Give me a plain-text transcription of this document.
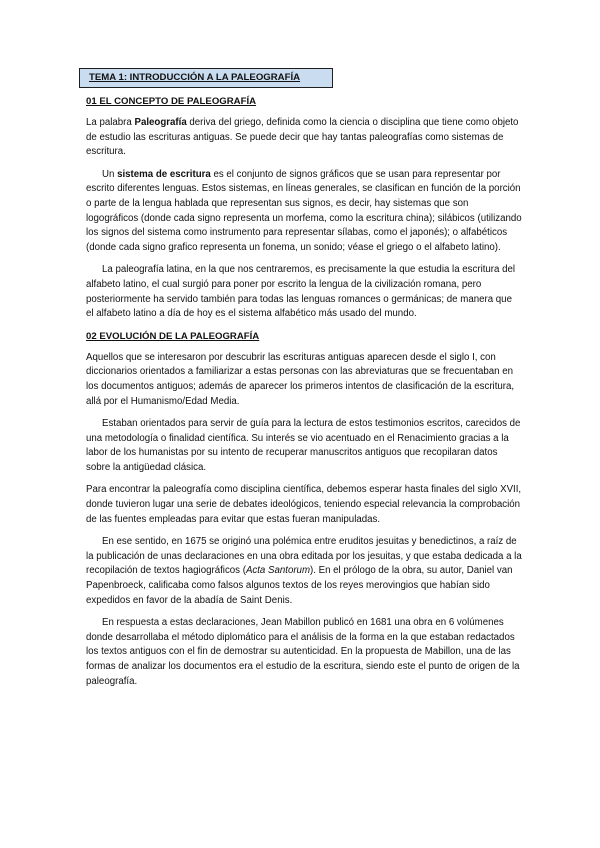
TEMA 1: INTRODUCCIÓN A LA PALEOGRAFÍA
01 EL CONCEPTO DE PALEOGRAFÍA

La palabra Paleografía deriva del griego, definida como la ciencia o disciplina que tiene como objeto de estudio las escrituras antiguas. Se puede decir que hay tantas paleografías como sistemas de escritura.

Un sistema de escritura es el conjunto de signos gráficos que se usan para representar por escrito diferentes lenguas. Estos sistemas, en líneas generales, se clasifican en función de la porción o parte de la lengua hablada que representan sus signos, es decir, hay sistemas que son logográficos (donde cada signo representa un morfema, como la escritura china); silábicos (utilizando los signos del sistema como instrumento para representar sílabas, como el japonés); o alfabéticos (donde cada signo grafico representa un fonema, un sonido; véase el griego o el alfabeto latino).

La paleografía latina, en la que nos centraremos, es precisamente la que estudia la escritura del alfabeto latino, el cual surgió para poner por escrito la lengua de la civilización romana, pero posteriormente ha servido también para todas las lenguas romances o germánicas; de manera que el alfabeto latino a día de hoy es el sistema alfabético más usado del mundo.

02 EVOLUCIÓN DE LA PALEOGRAFÍA

Aquellos que se interesaron por descubrir las escrituras antiguas aparecen desde el siglo I, con diccionarios orientados a familiarizar a estas personas con las abreviaturas que se frecuentaban en los documentos antiguos; además de aparecer los primeros intentos de clasificación de la escritura, allá por el Humanismo/Edad Media.

Estaban orientados para servir de guía para la lectura de estos testimonios escritos, carecidos de una metodología o finalidad científica. Su interés se vio acentuado en el Renacimiento gracias a la labor de los humanistas por su intento de recuperar manuscritos antiguos que recopilaran datos sobre la antigüedad clásica.

Para encontrar la paleografía como disciplina científica, debemos esperar hasta finales del siglo XVII, donde tuvieron lugar una serie de debates ideológicos, teniendo especial relevancia la comprobación de las fuentes empleadas para evitar que estas fueran manipuladas.

En ese sentido, en 1675 se originó una polémica entre eruditos jesuitas y benedictinos, a raíz de la publicación de unas declaraciones en una obra editada por los jesuitas, y que estaba dedicada a la recopilación de textos hagiográficos (Acta Santorum). En el prólogo de la obra, su autor, Daniel van Papenbroeck, calificaba como falsos algunos textos de los reyes merovingios que habían sido expedidos en favor de la abadía de Saint Denis.

En respuesta a estas declaraciones, Jean Mabillon publicó en 1681 una obra en 6 volúmenes donde desarrollaba el método diplomático para el análisis de la forma en la que estaban redactados los textos antiguos con el fin de demostrar su autenticidad. En la propuesta de Mabillon, una de las formas de analizar los documentos era el estudio de la escritura, siendo este el punto de origen de la paleografía.
